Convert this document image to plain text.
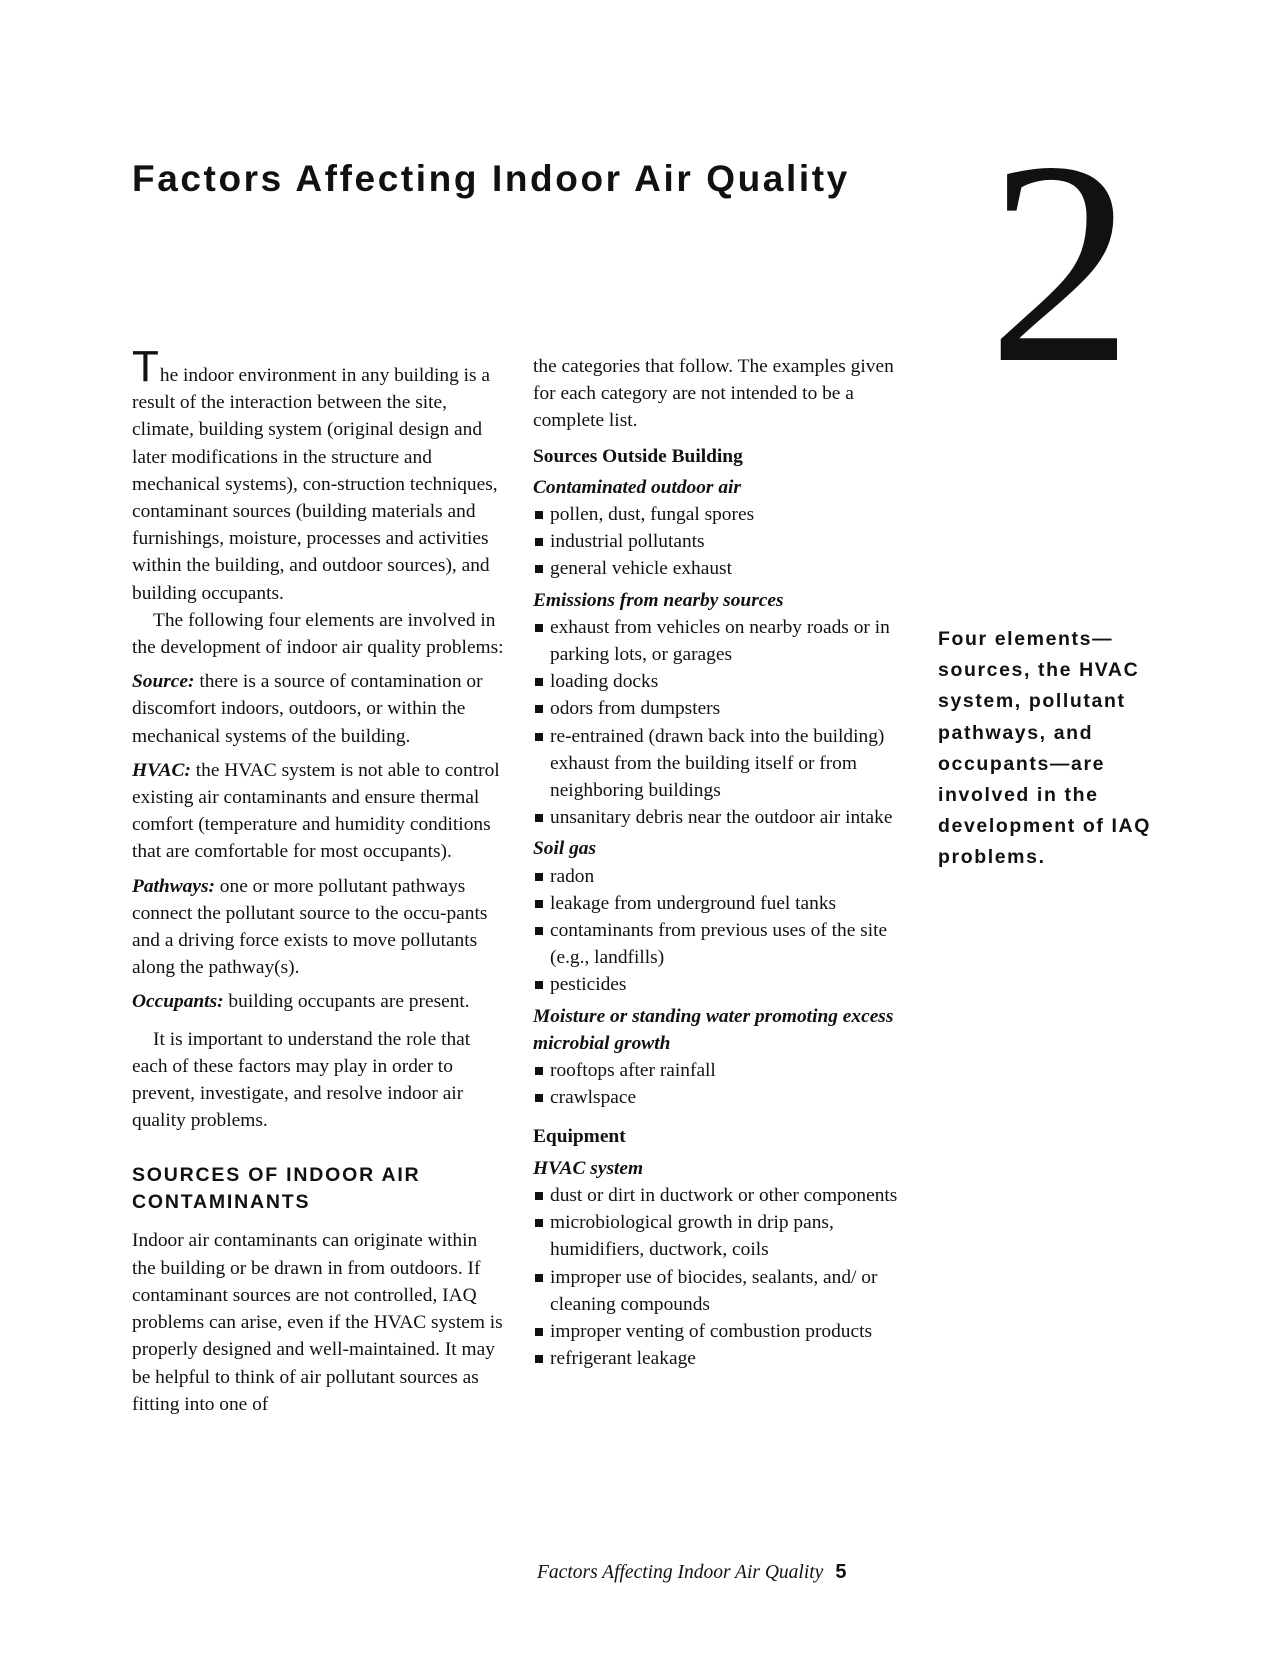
Factors Affecting Indoor Air Quality 2

The indoor environment in any building is a result of the interaction between the site, climate, building system (original design and later modifications in the structure and mechanical systems), con-struction techniques, contaminant sources (building materials and furnishings, moisture, processes and activities within the building, and outdoor sources), and building occupants.

The following four elements are involved in the development of indoor air quality problems:

Source: there is a source of contamination or discomfort indoors, outdoors, or within the mechanical systems of the building.

HVAC: the HVAC system is not able to control existing air contaminants and ensure thermal comfort (temperature and humidity conditions that are comfortable for most occupants).

Pathways: one or more pollutant pathways connect the pollutant source to the occu-pants and a driving force exists to move pollutants along the pathway(s).

Occupants: building occupants are present.

It is important to understand the role that each of these factors may play in order to prevent, investigate, and resolve indoor air quality problems.

SOURCES OF INDOOR AIR CONTAMINANTS

Indoor air contaminants can originate within the building or be drawn in from outdoors. If contaminant sources are not controlled, IAQ problems can arise, even if the HVAC system is properly designed and well-maintained. It may be helpful to think of air pollutant sources as fitting into one of

the categories that follow. The examples given for each category are not intended to be a complete list.

Sources Outside Building
Contaminated outdoor air
pollen, dust, fungal spores
industrial pollutants
general vehicle exhaust
Emissions from nearby sources
exhaust from vehicles on nearby roads or in parking lots, or garages
loading docks
odors from dumpsters
re-entrained (drawn back into the building) exhaust from the building itself or from neighboring buildings
unsanitary debris near the outdoor air intake
Soil gas
radon
leakage from underground fuel tanks
contaminants from previous uses of the site (e.g., landfills)
pesticides
Moisture or standing water promoting excess microbial growth
rooftops after rainfall
crawlspace
Equipment
HVAC system
dust or dirt in ductwork or other components
microbiological growth in drip pans, humidifiers, ductwork, coils
improper use of biocides, sealants, and/ or cleaning compounds
improper venting of combustion products
refrigerant leakage
Four elements— sources, the HVAC system, pollutant pathways, and occupants—are involved in the development of IAQ problems.
Factors Affecting Indoor Air Quality 5
